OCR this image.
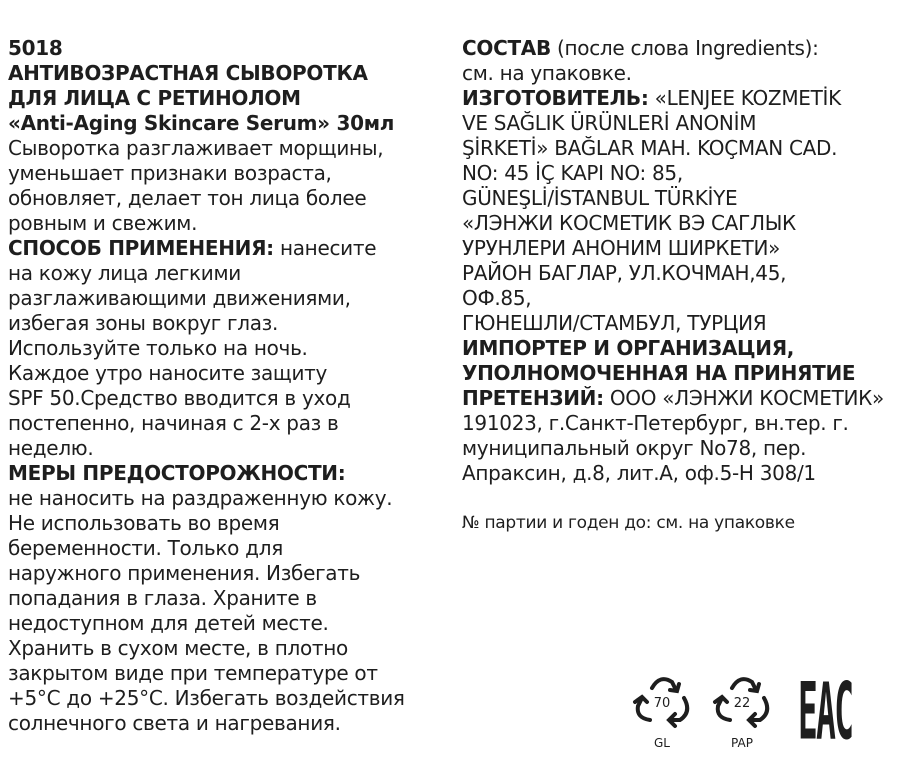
5018
АНТИВОЗРАСТНАЯ СЫВОРОТКА
ДЛЯ ЛИЦА С РЕТИНОЛОМ
«Anti-Aging Skincare Serum» 30мл
Сыворотка разглаживает морщины,
уменьшает признаки возраста,
обновляет, делает тон лица более
ровным и свежим.
СПОСОБ ПРИМЕНЕНИЯ: нанесите
на кожу лица легкими
разглаживающими движениями,
избегая зоны вокруг глаз.
Используйте только на ночь.
Каждое утро наносите защиту
SPF 50.Средство вводится в уход
постепенно, начиная с 2-х раз в
неделю.
МЕРЫ ПРЕДОСТОРОЖНОСТИ:
не наносить на раздраженную кожу.
Не использовать во время
беременности. Только для
наружного применения. Избегать
попадания в глаза. Храните в
недоступном для детей месте.
Хранить в сухом месте, в плотно
закрытом виде при температуре от
+5°C до +25°C. Избегать воздействия
солнечного света и нагревания.
СОСТАВ (после слова Ingredients):
см. на упаковке.
ИЗГОТОВИТЕЛЬ: «LENJEE KOZMETİK
VE SAĞLIK ÜRÜNLERİ ANONİM
ŞİRKETİ» BAĞLAR MAH. KOÇMAN CAD.
NO: 45 İÇ KAPI NO: 85,
GÜNEŞLİ/İSTANBUL TÜRKİYE
«ЛЭНЖИ КОСМЕТИК ВЭ САГЛЫК
УРУНЛЕРИ АНОНИМ ШИРКЕТИ»
РАЙОН БАГЛАР, УЛ.КОЧМАН,45,
ОФ.85,
ГЮНЕШЛИ/СТАМБУЛ, ТУРЦИЯ
ИМПОРТЕР И ОРГАНИЗАЦИЯ,
УПОЛНОМОЧЕННАЯ НА ПРИНЯТИЕ
ПРЕТЕНЗИЙ: ООО «ЛЭНЖИ КОСМЕТИК»
191023, г.Санкт-Петербург, вн.тер. г.
муниципальный округ No78, пер.
Апраксин, д.8, лит.А, оф.5-Н 308/1
№ партии и годен до: см. на упаковке
70
GL
22
PAP	EAC
